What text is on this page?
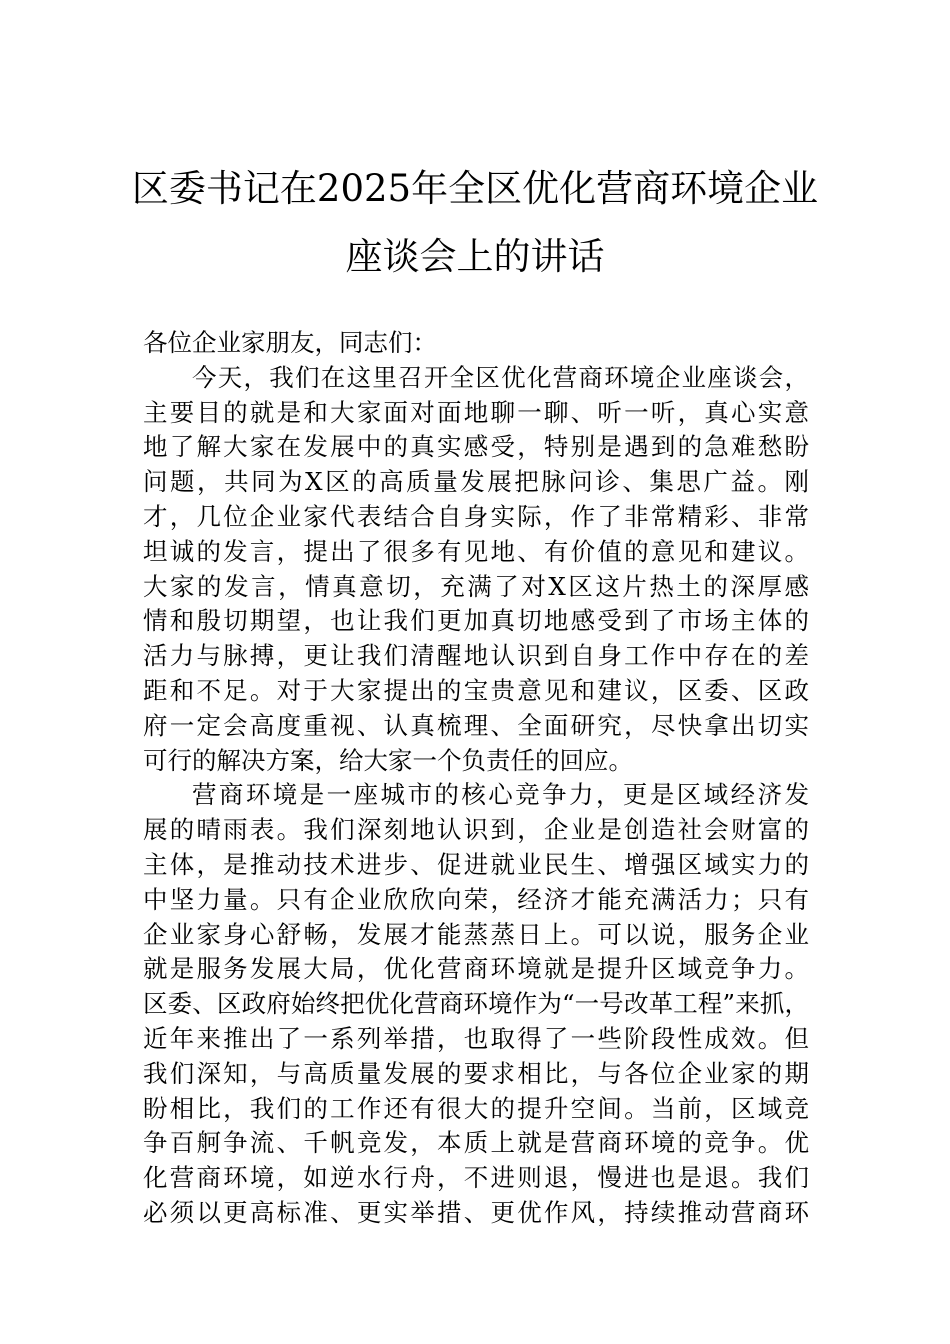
区委书记在2025年全区优化营商环境企业
座谈会上的讲话
各位企业家朋友，同志们：
今天，我们在这里召开全区优化营商环境企业座谈会，
主要目的就是和大家面对面地聊一聊、听一听，真心实意
地了解大家在发展中的真实感受，特别是遇到的急难愁盼
问题，共同为X区的高质量发展把脉问诊、集思广益。刚
才，几位企业家代表结合自身实际，作了非常精彩、非常
坦诚的发言，提出了很多有见地、有价值的意见和建议。
大家的发言，情真意切，充满了对X区这片热土的深厚感
情和殷切期望，也让我们更加真切地感受到了市场主体的
活力与脉搏，更让我们清醒地认识到自身工作中存在的差
距和不足。对于大家提出的宝贵意见和建议，区委、区政
府一定会高度重视、认真梳理、全面研究，尽快拿出切实
可行的解决方案，给大家一个负责任的回应。
营商环境是一座城市的核心竞争力，更是区域经济发
展的晴雨表。我们深刻地认识到，企业是创造社会财富的
主体，是推动技术进步、促进就业民生、增强区域实力的
中坚力量。只有企业欣欣向荣，经济才能充满活力；只有
企业家身心舒畅，发展才能蒸蒸日上。可以说，服务企业
就是服务发展大局，优化营商环境就是提升区域竞争力。
区委、区政府始终把优化营商环境作为“一号改革工程”来抓，
近年来推出了一系列举措，也取得了一些阶段性成效。但
我们深知，与高质量发展的要求相比，与各位企业家的期
盼相比，我们的工作还有很大的提升空间。当前，区域竞
争百舸争流、千帆竞发，本质上就是营商环境的竞争。优
化营商环境，如逆水行舟，不进则退，慢进也是退。我们
必须以更高标准、更实举措、更优作风，持续推动营商环
